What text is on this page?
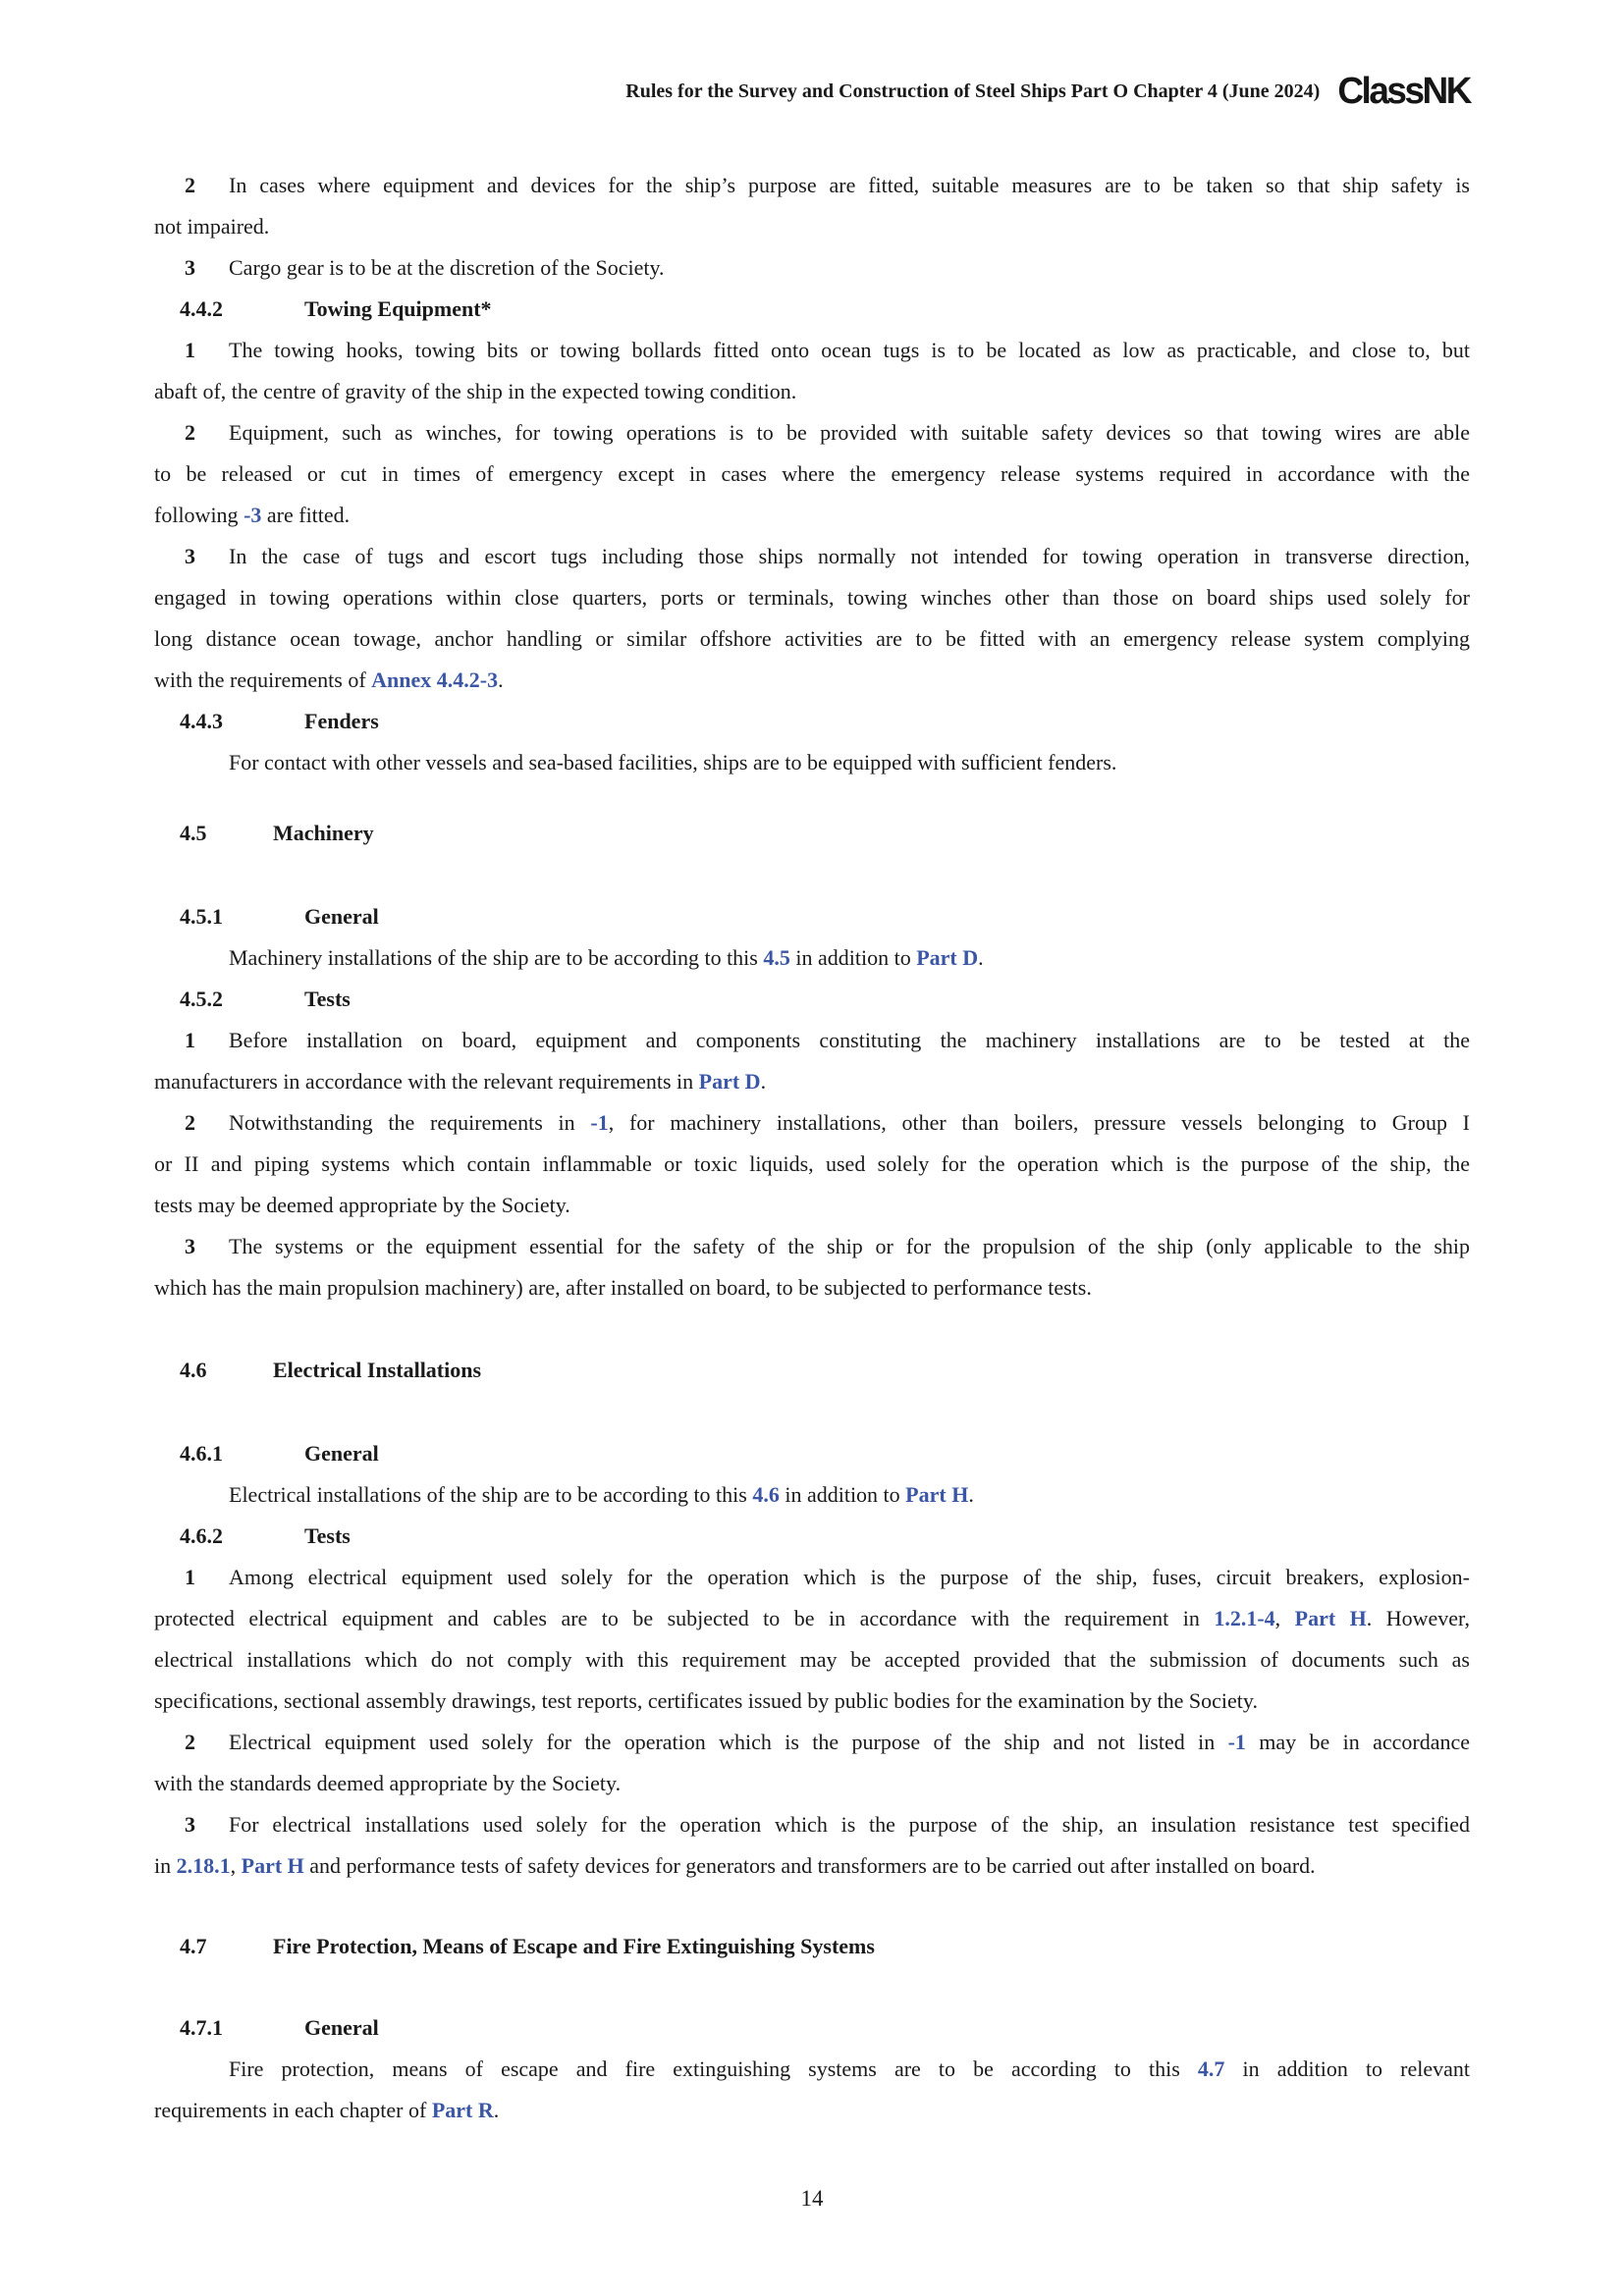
Rules for the Survey and Construction of Steel Ships Part O Chapter 4 (June 2024) ClassNK
2 In cases where equipment and devices for the ship’s purpose are fitted, suitable measures are to be taken so that ship safety is
not impaired.
3 Cargo gear is to be at the discretion of the Society.
4.4.2	Towing Equipment*
1 The towing hooks, towing bits or towing bollards fitted onto ocean tugs is to be located as low as practicable, and close to, but
abaft of, the centre of gravity of the ship in the expected towing condition.
2 Equipment, such as winches, for towing operations is to be provided with suitable safety devices so that towing wires are able
to be released or cut in times of emergency except in cases where the emergency release systems required in accordance with the
following -3 are fitted.
3 In the case of tugs and escort tugs including those ships normally not intended for towing operation in transverse direction,
engaged in towing operations within close quarters, ports or terminals, towing winches other than those on board ships used solely for
long distance ocean towage, anchor handling or similar offshore activities are to be fitted with an emergency release system complying
with the requirements of Annex 4.4.2-3.
4.4.3	Fenders
For contact with other vessels and sea-based facilities, ships are to be equipped with sufficient fenders.
4.5	Machinery
4.5.1	General
Machinery installations of the ship are to be according to this 4.5 in addition to Part D.
4.5.2	Tests
1 Before installation on board, equipment and components constituting the machinery installations are to be tested at the
manufacturers in accordance with the relevant requirements in Part D.
2 Notwithstanding the requirements in -1, for machinery installations, other than boilers, pressure vessels belonging to Group I
or II and piping systems which contain inflammable or toxic liquids, used solely for the operation which is the purpose of the ship, the
tests may be deemed appropriate by the Society.
3 The systems or the equipment essential for the safety of the ship or for the propulsion of the ship (only applicable to the ship
which has the main propulsion machinery) are, after installed on board, to be subjected to performance tests.
4.6	Electrical Installations
4.6.1	General
Electrical installations of the ship are to be according to this 4.6 in addition to Part H.
4.6.2	Tests
1 Among electrical equipment used solely for the operation which is the purpose of the ship, fuses, circuit breakers, explosion-
protected electrical equipment and cables are to be subjected to be in accordance with the requirement in 1.2.1-4, Part H. However,
electrical installations which do not comply with this requirement may be accepted provided that the submission of documents such as
specifications, sectional assembly drawings, test reports, certificates issued by public bodies for the examination by the Society.
2 Electrical equipment used solely for the operation which is the purpose of the ship and not listed in -1 may be in accordance
with the standards deemed appropriate by the Society.
3 For electrical installations used solely for the operation which is the purpose of the ship, an insulation resistance test specified
in 2.18.1, Part H and performance tests of safety devices for generators and transformers are to be carried out after installed on board.
4.7	Fire Protection, Means of Escape and Fire Extinguishing Systems
4.7.1	General
Fire protection, means of escape and fire extinguishing systems are to be according to this 4.7 in addition to relevant
requirements in each chapter of Part R.
14
